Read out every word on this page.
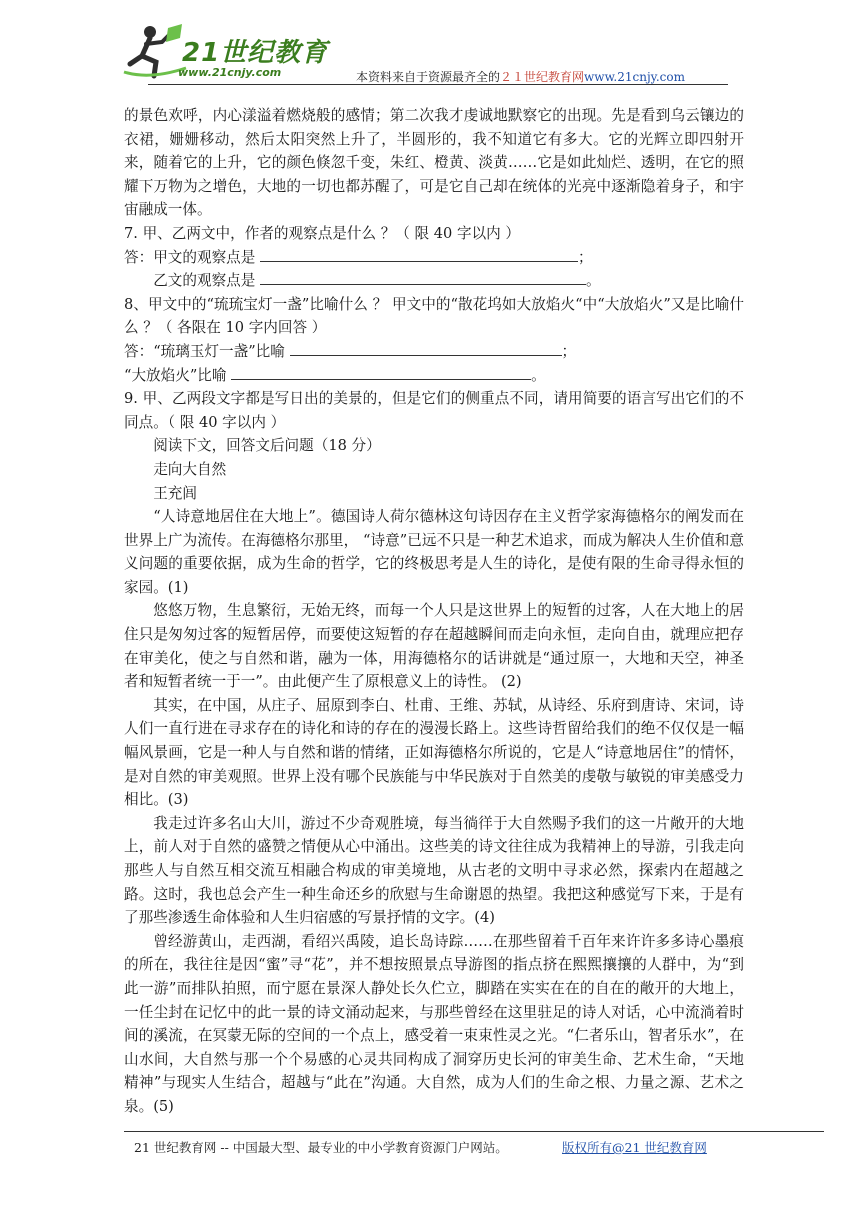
21世纪教育
www.21cnjy.com	本资料来自于资源最齐全的２１世纪教育网www.21cnjy.com

的景色欢呼，内心漾溢着燃烧般的感情；第二次我才虔诚地默察它的出现。先是看到乌云镶边的衣裙，姗姗移动，然后太阳突然上升了，半圆形的，我不知道它有多大。它的光辉立即四射开来，随着它的上升，它的颜色倏忽千变，朱红、橙黄、淡黄……它是如此灿烂、透明，在它的照耀下万物为之增色，大地的一切也都苏醒了，可是它自己却在统体的光亮中逐渐隐着身子，和宇宙融成一体。

7. 甲、乙两文中，作者的观察点是什么 ？（ 限 40 字以内 ）

答：甲文的观察点是	；

乙文的观察点是	。

8、甲文中的“琉琉宝灯一盏”比喻什么 ？ 甲文中的“散花坞如大放焰火“中“大放焰火”又是比喻什么 ？（ 各限在 10 字内回答 ）

答：“琉璃玉灯一盏”比喻	；

“大放焰火”比喻	。

9. 甲、乙两段文字都是写日出的美景的，但是它们的侧重点不同，请用简要的语言写出它们的不同点。（ 限 40 字以内 ）

阅读下文，回答文后问题（18 分）

走向大自然

王充闾

“人诗意地居住在大地上”。德国诗人荷尔德林这句诗因存在主义哲学家海德格尔的阐发而在世界上广为流传。在海德格尔那里， “诗意”已远不只是一种艺术追求，而成为解决人生价值和意义问题的重要依据，成为生命的哲学，它的终极思考是人生的诗化，是使有限的生命寻得永恒的家园。(1)

悠悠万物，生息繁衍，无始无终，而每一个人只是这世界上的短暂的过客，人在大地上的居住只是匆匆过客的短暂居停，而要使这短暂的存在超越瞬间而走向永恒，走向自由，就理应把存在审美化，使之与自然和谐，融为一体，用海德格尔的话讲就是“通过原一，大地和天空，神圣者和短暂者统一于一”。由此便产生了原根意义上的诗性。 (2)

其实，在中国，从庄子、屈原到李白、杜甫、王维、苏轼，从诗经、乐府到唐诗、宋词，诗人们一直行进在寻求存在的诗化和诗的存在的漫漫长路上。这些诗哲留给我们的绝不仅仅是一幅幅风景画，它是一种人与自然和谐的情绪，正如海德格尔所说的，它是人“诗意地居住”的情怀，是对自然的审美观照。世界上没有哪个民族能与中华民族对于自然美的虔敬与敏锐的审美感受力相比。(3)

我走过许多名山大川，游过不少奇观胜境，每当徜徉于大自然赐予我们的这一片敞开的大地上，前人对于自然的盛赞之情便从心中涌出。这些美的诗文往往成为我精神上的导游，引我走向那些人与自然互相交流互相融合构成的审美境地，从古老的文明中寻求必然，探索内在超越之路。这时，我也总会产生一种生命还乡的欣慰与生命谢恩的热望。我把这种感觉写下来，于是有了那些渗透生命体验和人生归宿感的写景抒情的文字。(4)

曾经游黄山，走西湖，看绍兴禹陵，追长岛诗踪……在那些留着千百年来许许多多诗心墨痕的所在，我往往是因“蜜”寻“花”，并不想按照景点导游图的指点挤在熙熙攘攘的人群中，为“到此一游”而排队拍照，而宁愿在景深人静处长久伫立，脚踏在实实在在的自在的敞开的大地上，一任尘封在记忆中的此一景的诗文涌动起来，与那些曾经在这里驻足的诗人对话，心中流淌着时间的溪流，在冥蒙无际的空间的一个点上，感受着一束束性灵之光。“仁者乐山，智者乐水”，在山水间，大自然与那一个个易感的心灵共同构成了洞穿历史长河的审美生命、艺术生命，“天地精神”与现实人生结合，超越与“此在”沟通。大自然，成为人们的生命之根、力量之源、艺术之泉。(5)

21 世纪教育网 -- 中国最大型、最专业的中小学教育资源门户网站。	版权所有@21 世纪教育网
